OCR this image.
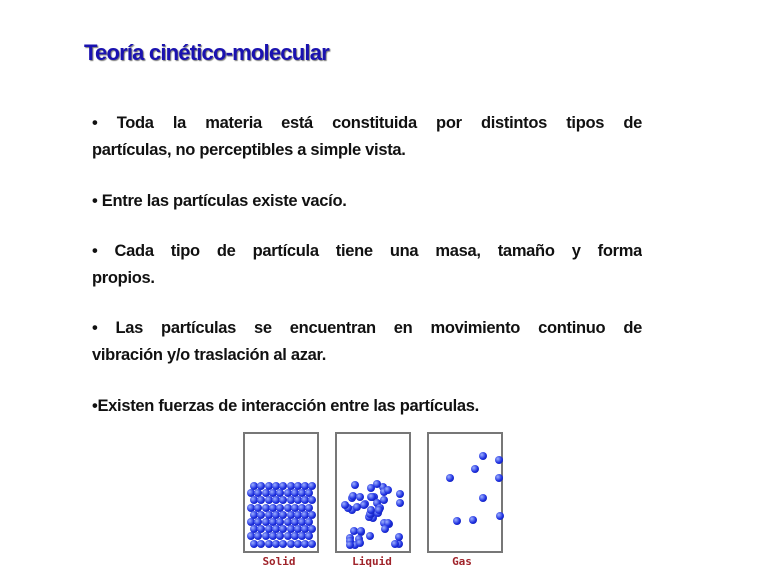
Teoría cinético-molecular
• Toda la materia está constituida por distintos tipos de
partículas, no perceptibles a simple vista.
• Entre las partículas existe vacío.
• Cada tipo de partícula tiene una masa, tamaño y forma
propios.
• Las partículas se encuentran en movimiento continuo de
vibración y/o traslación al azar.
•Existen fuerzas de interacción entre las partículas.
Solid	Liquid	Gas
